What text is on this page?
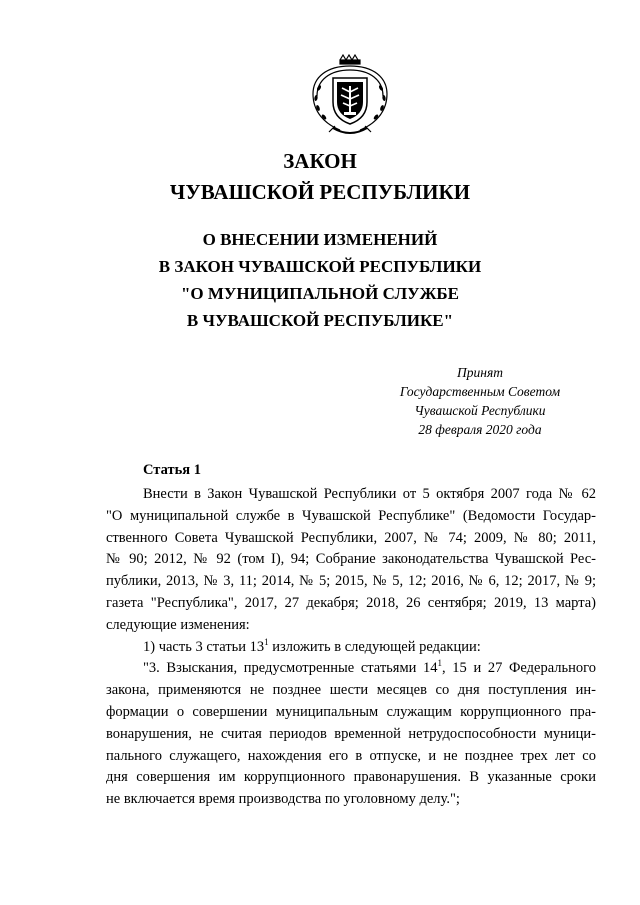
ЗАКОН
ЧУВАШСКОЙ РЕСПУБЛИКИ
О ВНЕСЕНИИ ИЗМЕНЕНИЙ
В ЗАКОН ЧУВАШСКОЙ РЕСПУБЛИКИ
"О МУНИЦИПАЛЬНОЙ СЛУЖБЕ
В ЧУВАШСКОЙ РЕСПУБЛИКЕ"
Принят
Государственным Советом
Чувашской Республики
28 февраля 2020 года
Статья 1
Внести в Закон Чувашской Республики от 5 октября 2007 года № 62
"О муниципальной службе в Чувашской Республике" (Ведомости Государ-
ственного Совета Чувашской Республики, 2007, № 74; 2009, № 80; 2011,
№ 90; 2012, № 92 (том I), 94; Собрание законодательства Чувашской Рес-
публики, 2013, № 3, 11; 2014, № 5; 2015, № 5, 12; 2016, № 6, 12; 2017, № 9;
газета "Республика", 2017, 27 декабря; 2018, 26 сентября; 2019, 13 марта)
следующие изменения:
1) часть 3 статьи $13^1$ изложить в следующей редакции:
"3. Взыскания, предусмотренные статьями $14^1$, 15 и 27 Федерального
закона, применяются не позднее шести месяцев со дня поступления ин-
формации о совершении муниципальным служащим коррупционного пра-
вонарушения, не считая периодов временной нетрудоспособности муници-
пального служащего, нахождения его в отпуске, и не позднее трех лет со
дня совершения им коррупционного правонарушения. В указанные сроки
не включается время производства по уголовному делу.";
